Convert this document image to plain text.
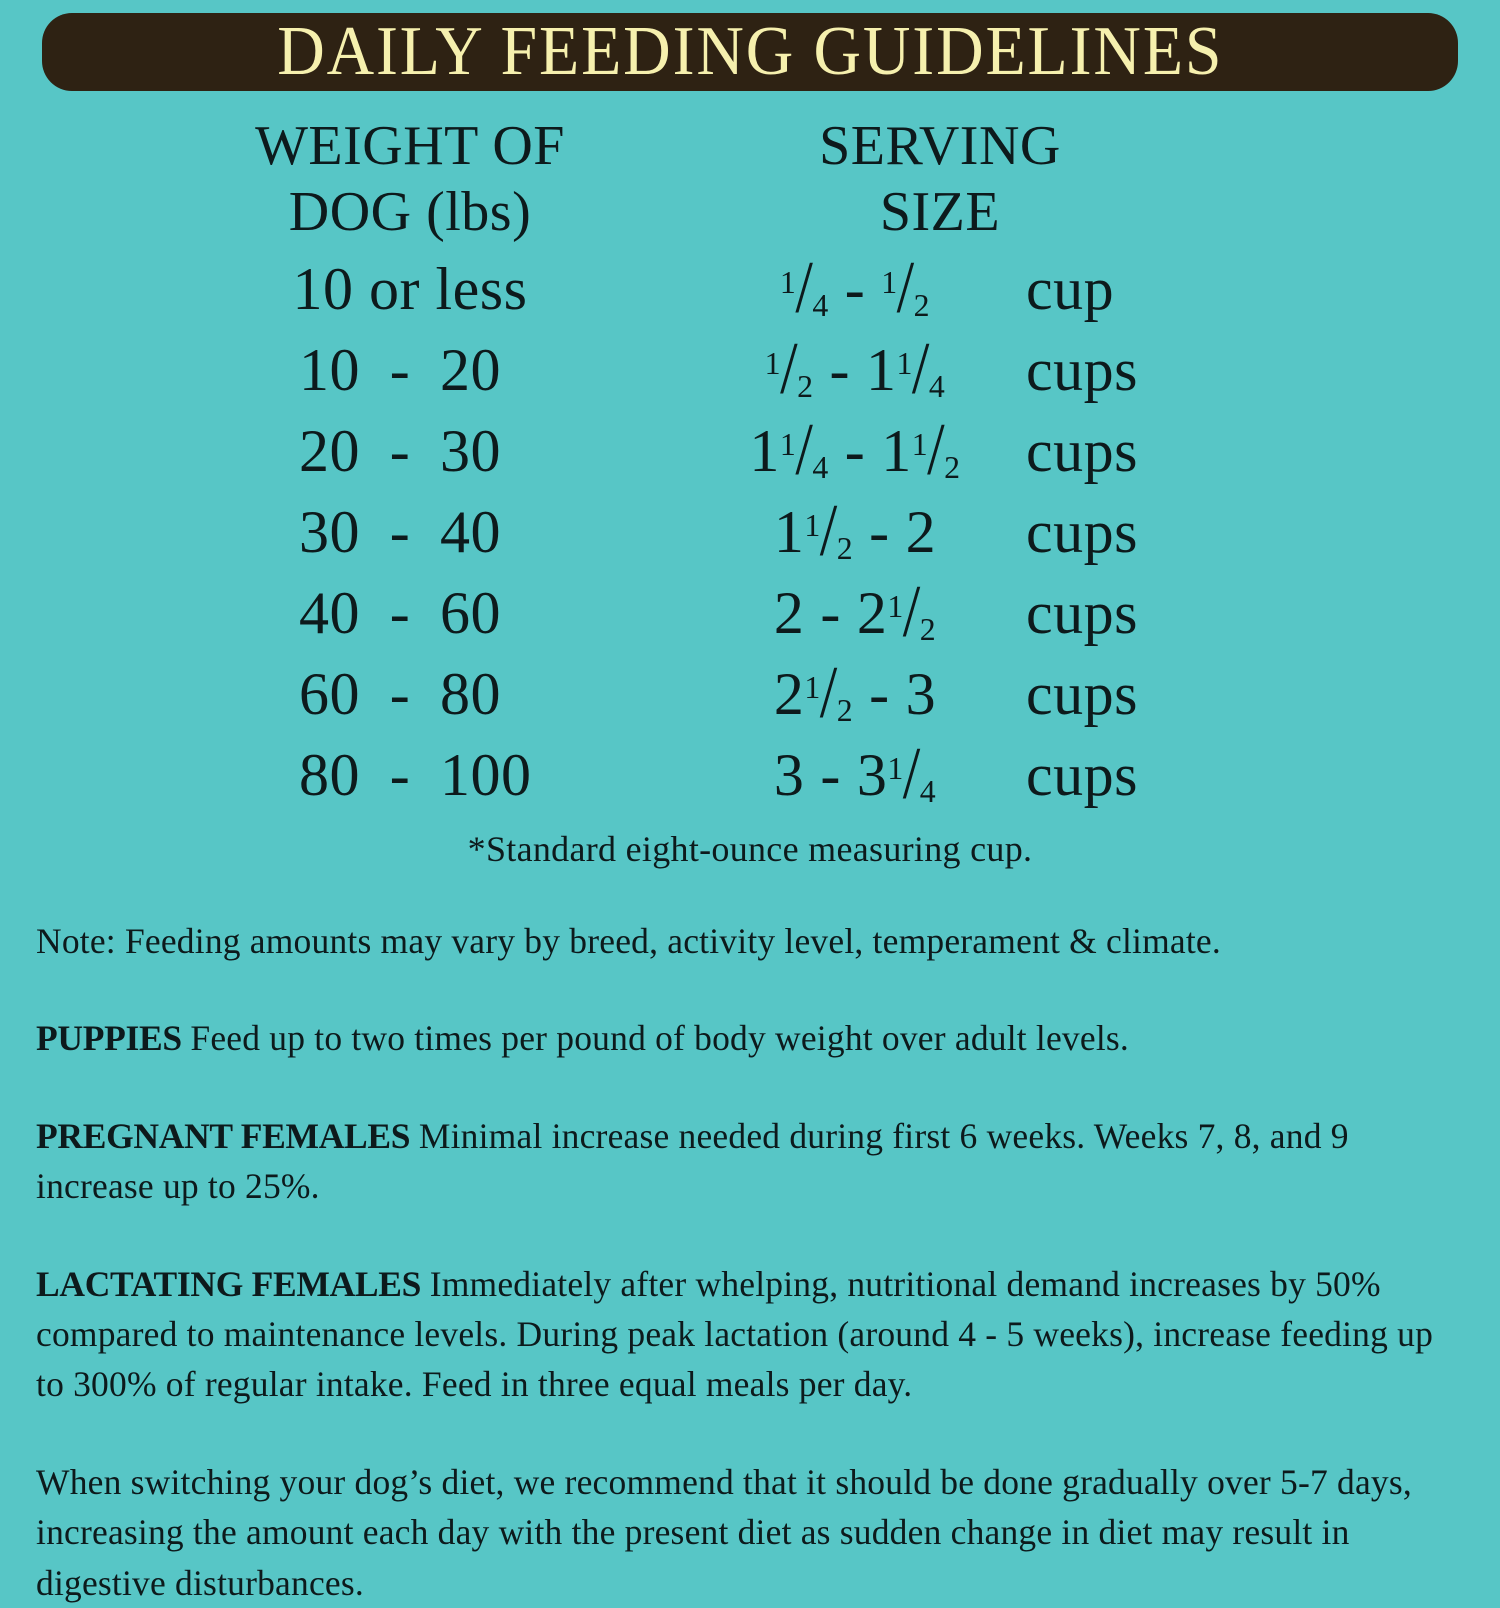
DAILY FEEDING GUIDELINES
WEIGHT OF
DOG (lbs)
SERVING
SIZE
10 or less	$^1$/4 - $^1$/2	cup
10 - 20	$^1$/2 - 1$^1$/4	cups
20 - 30	1$^1$/4 - 1$^1$/2	cups
30 - 40	1$^1$/2 - 2	cups
40 - 60	2 - 2$^1$/2	cups
60 - 80	2$^1$/2 - 3	cups
80 - 100	3 - 3$^1$/4	cups
*Standard eight-ounce measuring cup.
Note: Feeding amounts may vary by breed, activity level, temperament & climate.
PUPPIES Feed up to two times per pound of body weight over adult levels.
PREGNANT FEMALES Minimal increase needed during first 6 weeks. Weeks 7, 8, and 9 increase up to 25%.
LACTATING FEMALES Immediately after whelping, nutritional demand increases by 50% compared to maintenance levels. During peak lactation (around 4 - 5 weeks), increase feeding up to 300% of regular intake. Feed in three equal meals per day.
When switching your dog’s diet, we recommend that it should be done gradually over 5-7 days, increasing the amount each day with the present diet as sudden change in diet may result in digestive disturbances.
